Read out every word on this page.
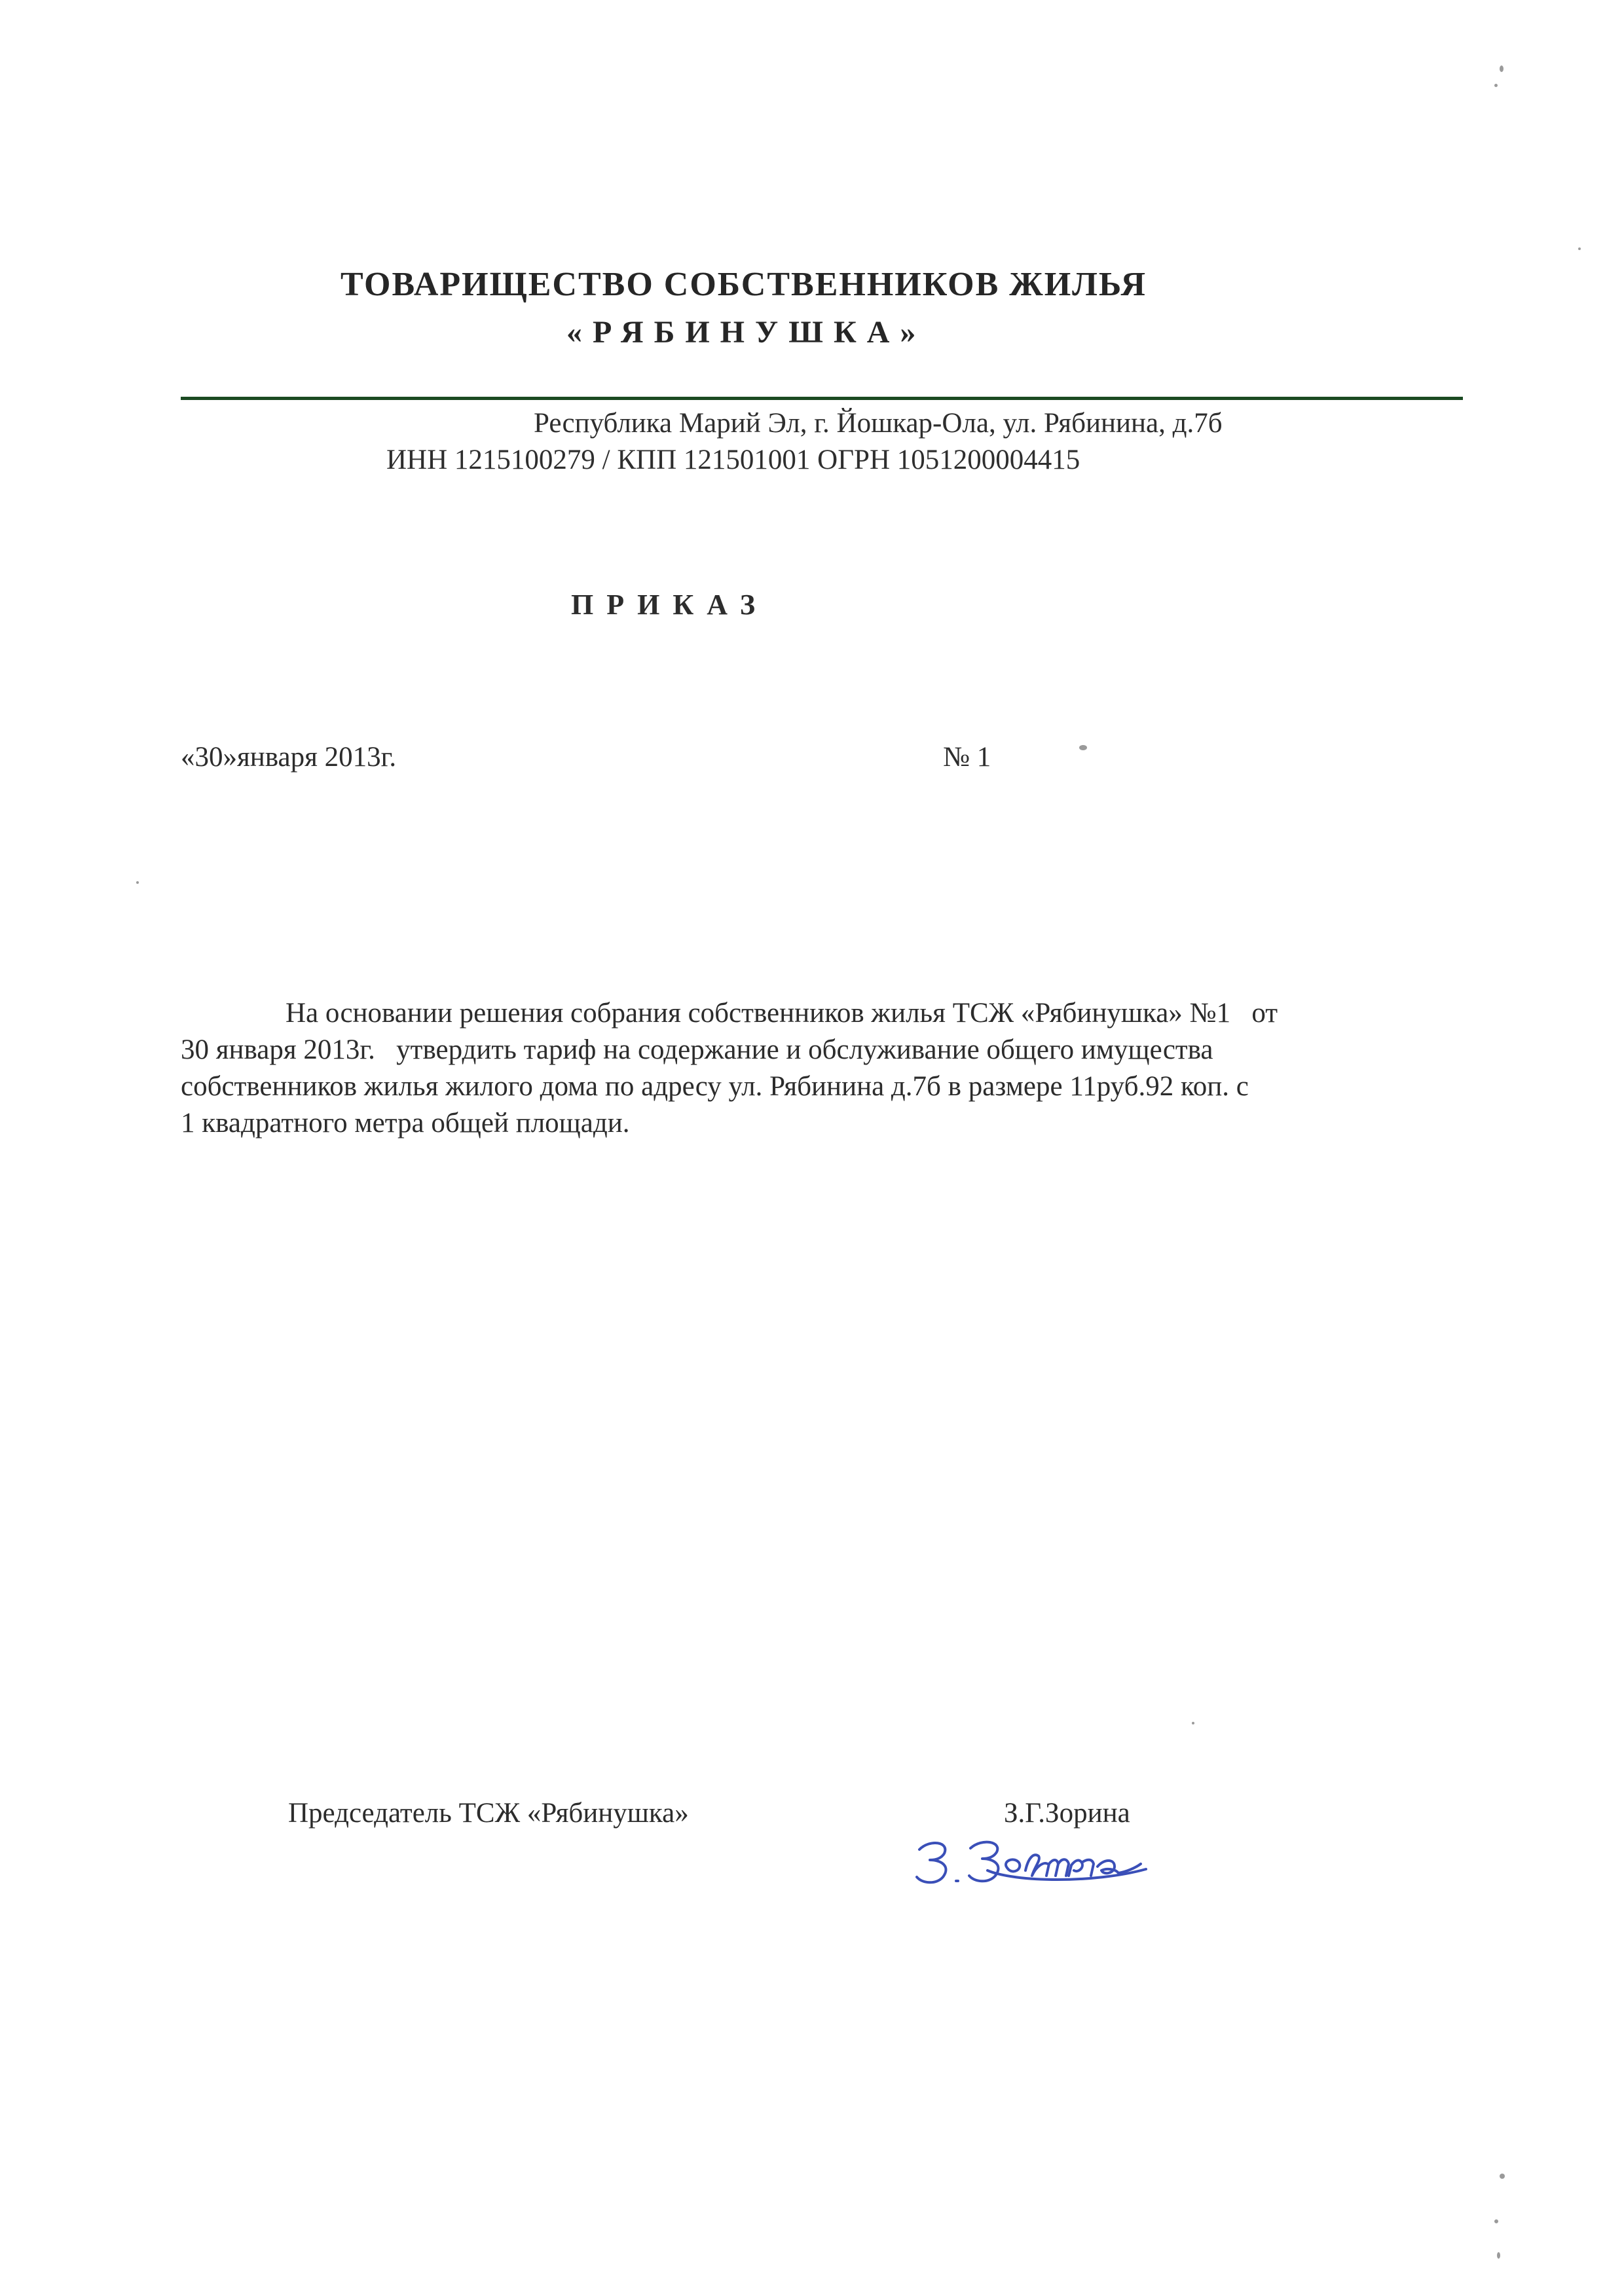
ТОВАРИЩЕСТВО СОБСТВЕННИКОВ ЖИЛЬЯ
«РЯБИНУШКА»
Республика Марий Эл, г. Йошкар-Ола, ул. Рябинина, д.7б
ИНН 1215100279 / КПП 121501001 ОГРН 1051200004415
ПРИКАЗ
«30»января 2013г.	№ 1
На основании решения собрания собственников жилья ТСЖ «Рябинушка» №1   от
30 января 2013г.   утвердить тариф на содержание и обслуживание общего имущества
собственников жилья жилого дома по адресу ул. Рябинина д.7б в размере 11руб.92 коп. с
1 квадратного метра общей площади.
Председатель ТСЖ «Рябинушка»	З.Г.Зорина
